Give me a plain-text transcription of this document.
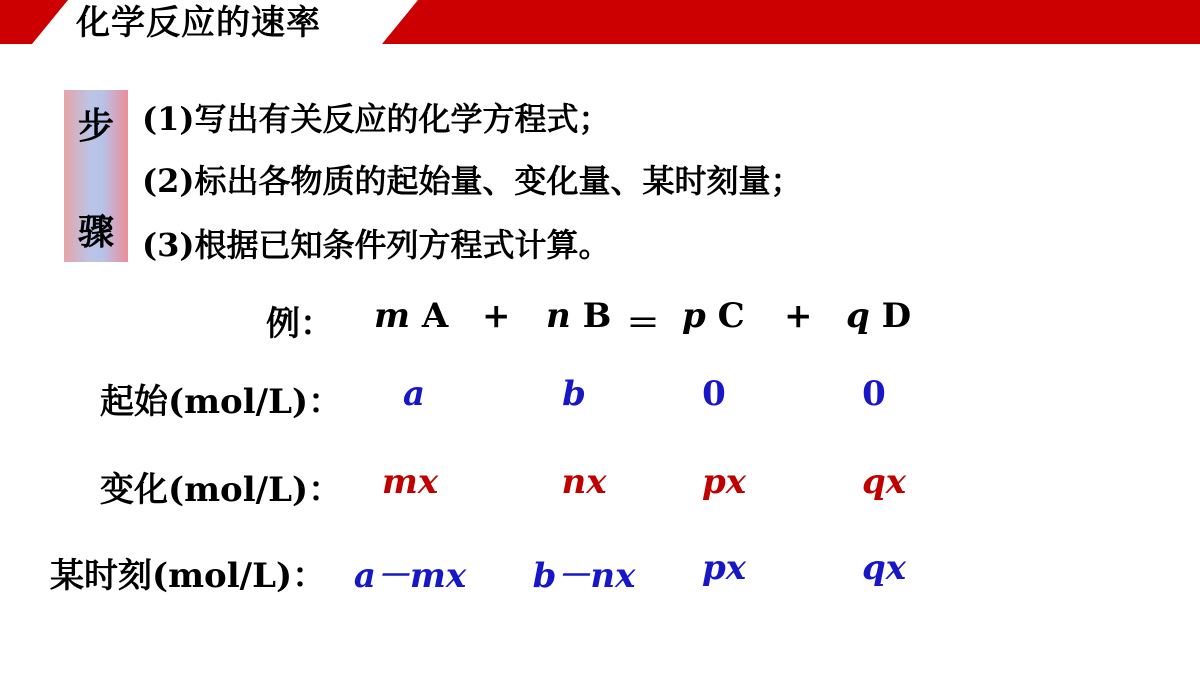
化学反应的速率
步
骤
(1)写出有关反应的化学方程式；
(2)标出各物质的起始量、变化量、某时刻量；
(3)根据已知条件列方程式计算。
例： m A + n B ＝ p C + q D
起始(mol/L)：	a	b	0	0
变化(mol/L)：	mx	nx	px	qx
某时刻(mol/L)： a－mx	b－nx	px	qx
